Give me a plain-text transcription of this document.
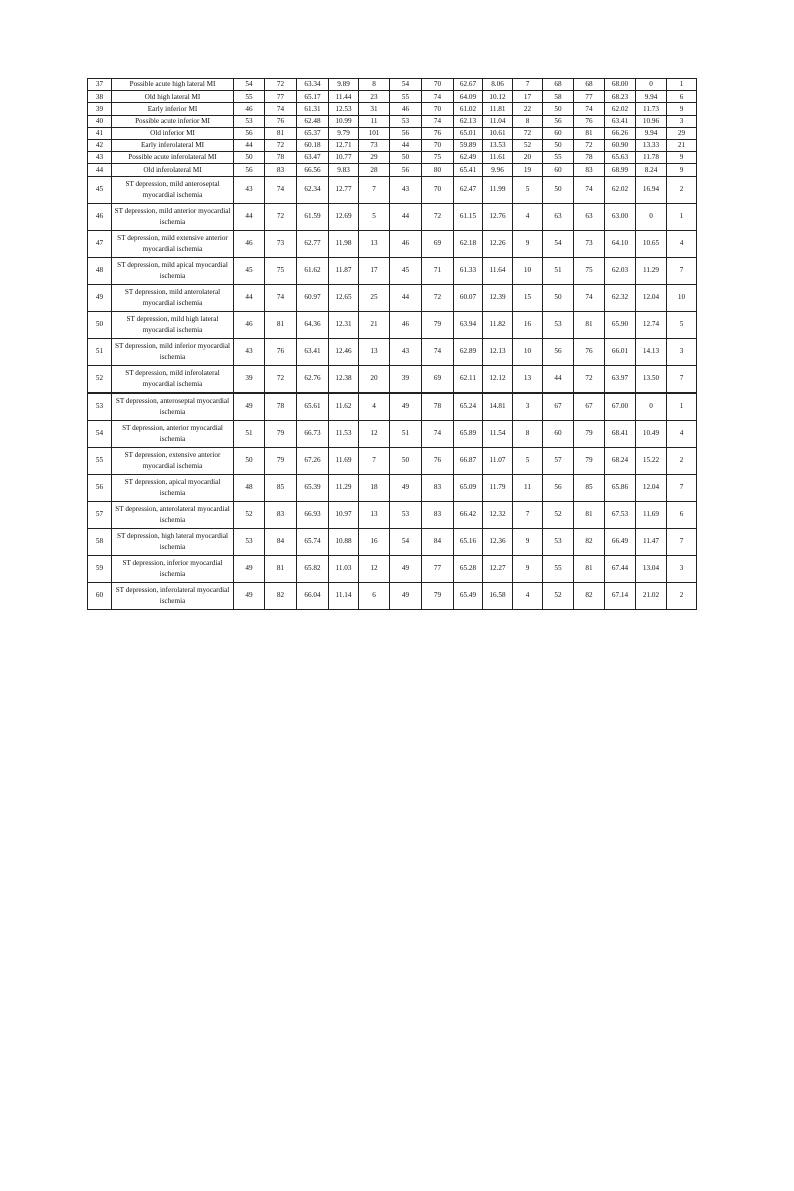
37	Possible acute high lateral MI	54	72	63.34	9.89	8	54	70	62.67	8.06	7	68	68	68.00	0	1
38	Old high lateral MI	55	77	65.17	11.44	23	55	74	64.09	10.12	17	58	77	68.23	9.94	6
39	Early inferior MI	46	74	61.31	12.53	31	46	70	61.02	11.81	22	50	74	62.02	11.73	9
40	Possible acute inferior MI	53	76	62.48	10.99	11	53	74	62.13	11.04	8	56	76	63.41	10.96	3
41	Old inferior MI	56	81	65.37	9.79	101	56	76	65.01	10.61	72	60	81	66.26	9.94	29
42	Early inferolateral MI	44	72	60.18	12.71	73	44	70	59.89	13.53	52	50	72	60.90	13.33	21
43	Possible acute inferolateral MI	50	78	63.47	10.77	29	50	75	62.49	11.61	20	55	78	65.63	11.78	9
44	Old inferolateral MI	56	83	66.56	9.83	28	56	80	65.41	9.96	19	60	83	68.99	8.24	9
45	ST depression, mild anteroseptal myocardial ischemia	43	74	62.34	12.77	7	43	70	62.47	11.99	5	50	74	62.02	16.94	2
46	ST depression, mild anterior myocardial ischemia	44	72	61.59	12.69	5	44	72	61.15	12.76	4	63	63	63.00	0	1
47	ST depression, mild extensive anterior myocardial ischemia	46	73	62.77	11.98	13	46	69	62.18	12.26	9	54	73	64.10	10.65	4
48	ST depression, mild apical myocardial ischemia	45	75	61.62	11.87	17	45	71	61.33	11.64	10	51	75	62.03	11.29	7
49	ST depression, mild anterolateral myocardial ischemia	44	74	60.97	12.65	25	44	72	60.07	12.39	15	50	74	62.32	12.04	10
50	ST depression, mild high lateral myocardial ischemia	46	81	64.36	12.31	21	46	79	63.94	11.82	16	53	81	65.90	12.74	5
51	ST depression, mild inferior myocardial ischemia	43	76	63.41	12.46	13	43	74	62.89	12.13	10	56	76	66.01	14.13	3
52	ST depression, mild inferolateral myocardial ischemia	39	72	62.76	12.38	20	39	69	62.11	12.12	13	44	72	63.97	13.50	7
53	ST depression, anteroseptal myocardial ischemia	49	78	65.61	11.62	4	49	78	65.24	14.81	3	67	67	67.00	0	1
54	ST depression, anterior myocardial ischemia	51	79	66.73	11.53	12	51	74	65.89	11.54	8	60	79	68.41	10.49	4
55	ST depression, extensive anterior myocardial ischemia	50	79	67.26	11.69	7	50	76	66.87	11.07	5	57	79	68.24	15.22	2
56	ST depression, apical myocardial ischemia	48	85	65.39	11.29	18	49	83	65.09	11.79	11	56	85	65.86	12.04	7
57	ST depression, anterolateral myocardial ischemia	52	83	66.93	10.97	13	53	83	66.42	12.32	7	52	81	67.53	11.69	6
58	ST depression, high lateral myocardial ischemia	53	84	65.74	10.88	16	54	84	65.16	12.36	9	53	82	66.49	11.47	7
59	ST depression, inferior myocardial ischemia	49	81	65.82	11.03	12	49	77	65.28	12.27	9	55	81	67.44	13.04	3
60	ST depression, inferolateral myocardial ischemia	49	82	66.04	11.14	6	49	79	65.49	16.58	4	52	82	67.14	21.02	2
